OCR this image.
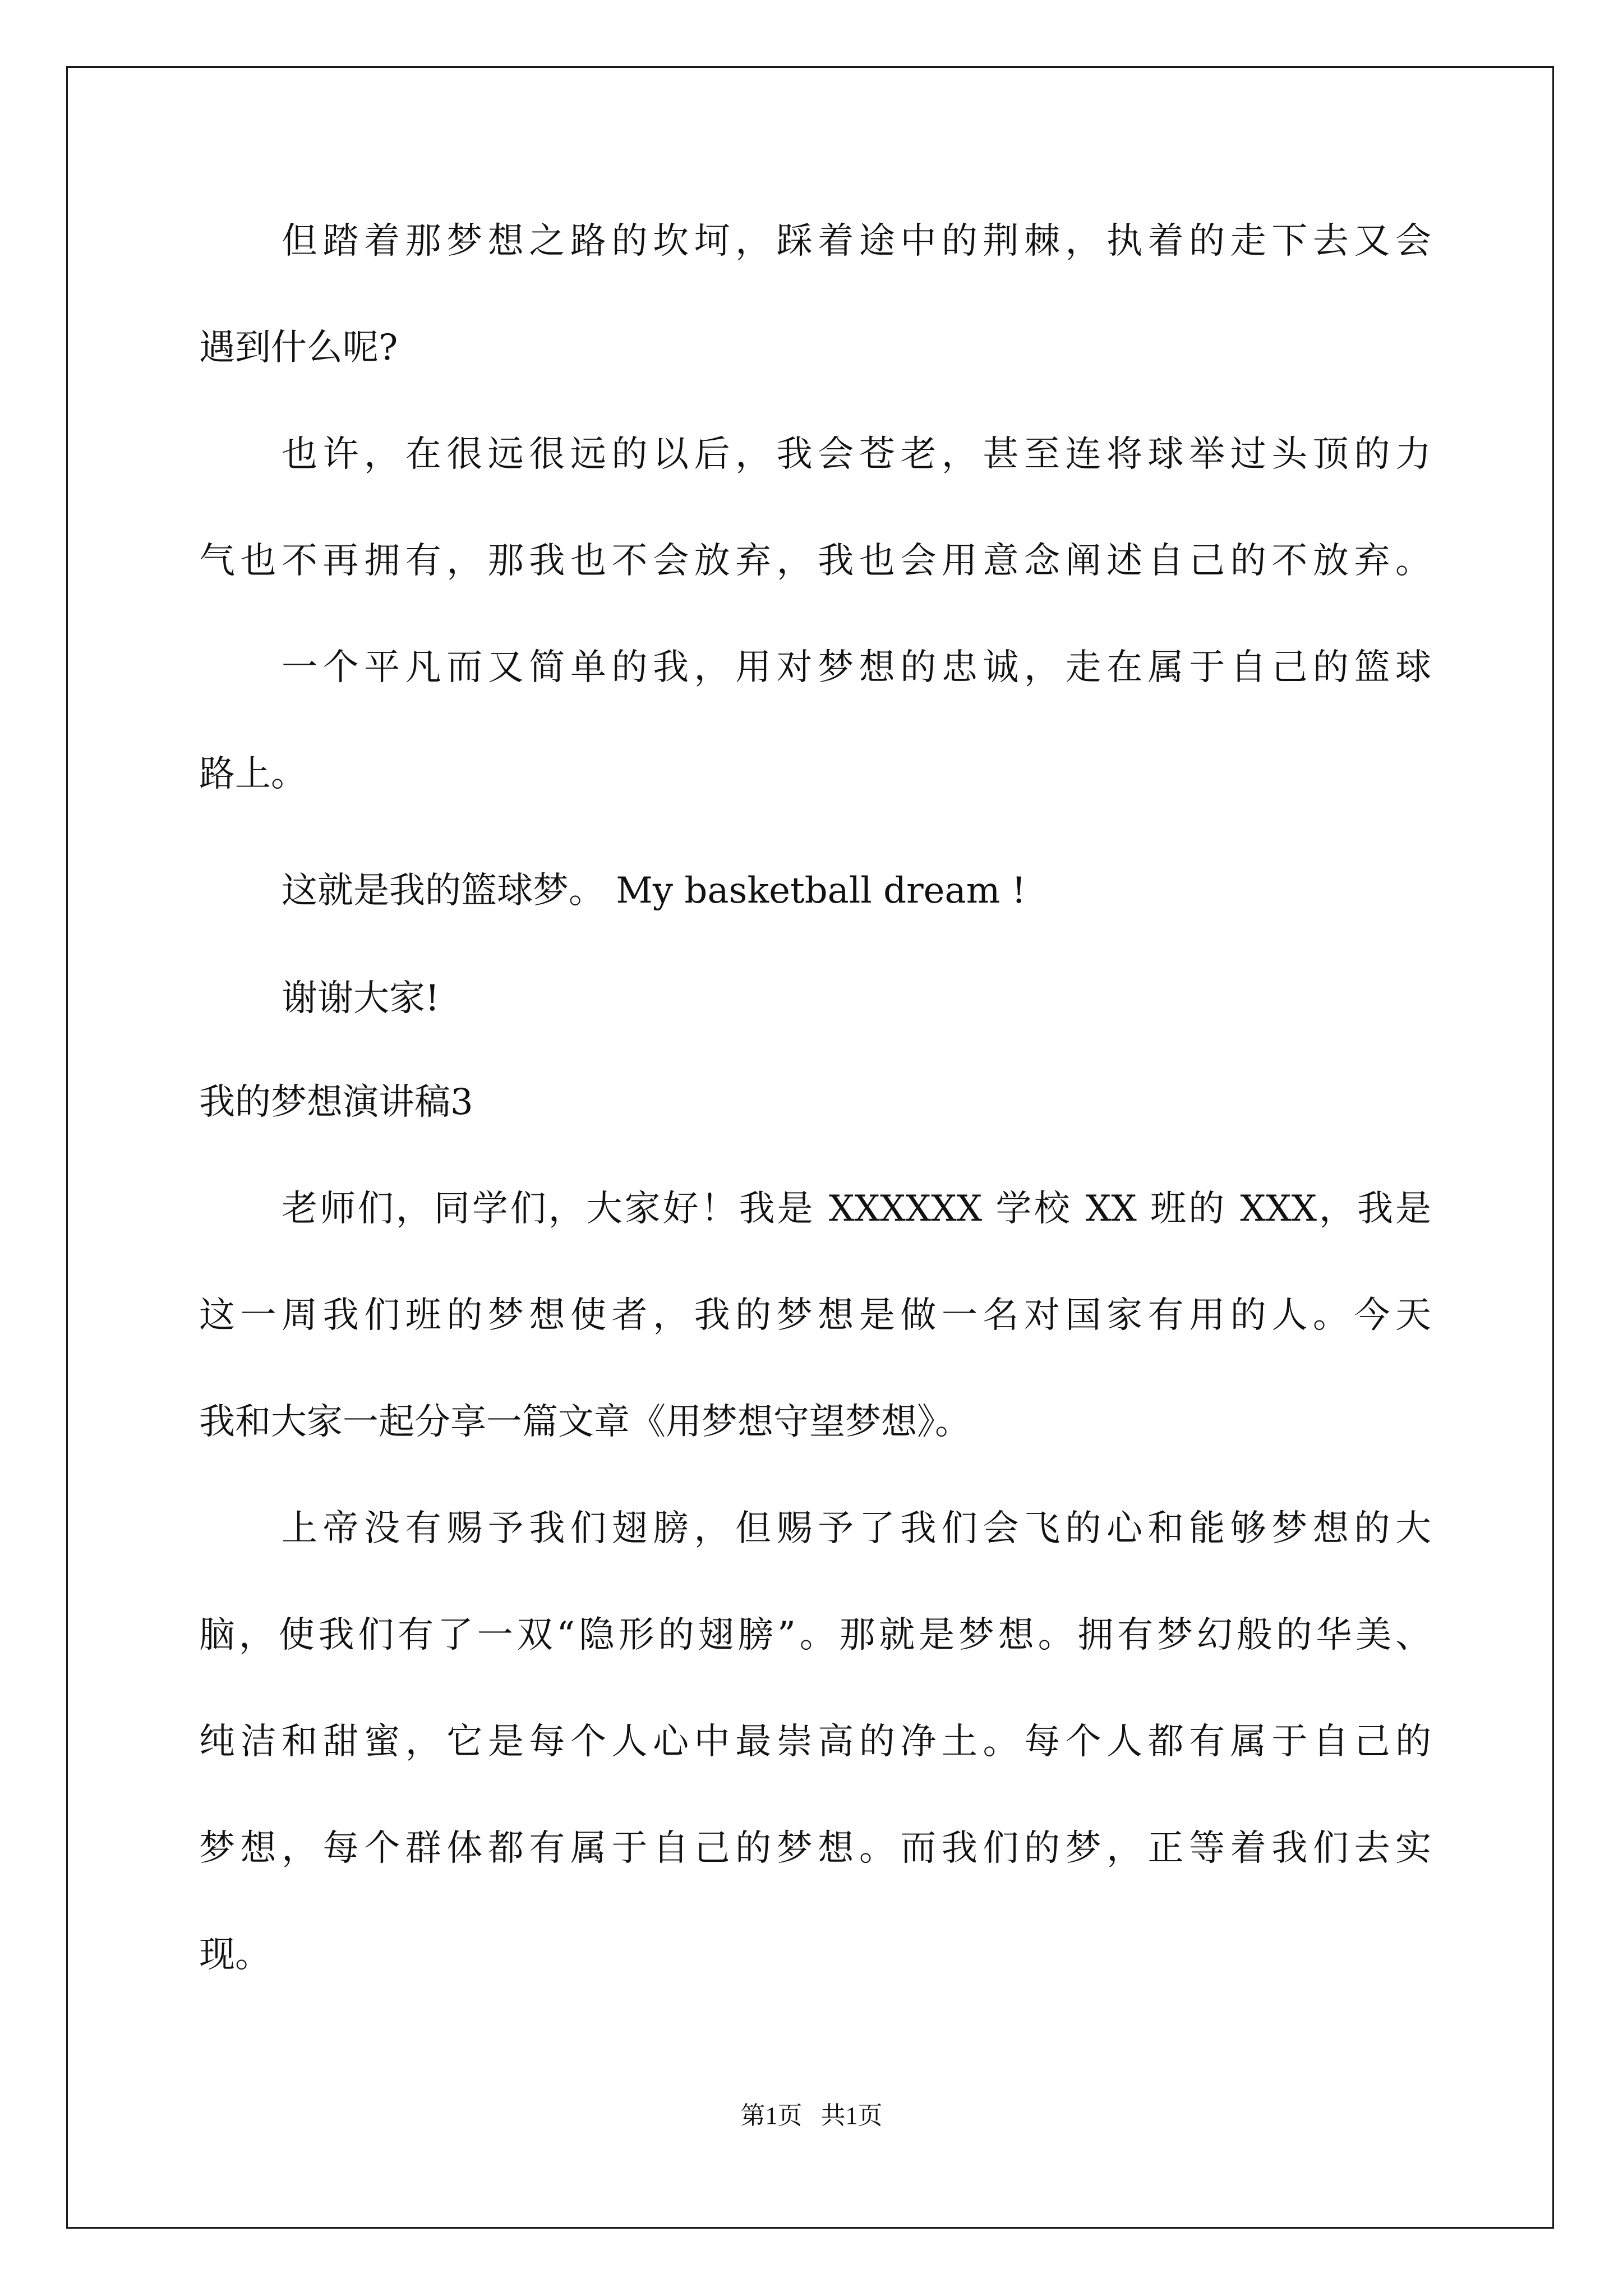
但踏着那梦想之路的坎坷，踩着途中的荆棘，执着的走下去又会

遇到什么呢?

也许，在很远很远的以后，我会苍老，甚至连将球举过头顶的力

气也不再拥有，那我也不会放弃，我也会用意念阐述自己的不放弃。

一个平凡而又简单的我，用对梦想的忠诚，走在属于自己的篮球

路上。

这就是我的篮球梦。 My basketball dream !

谢谢大家!

我的梦想演讲稿3

老师们，同学们，大家好！我是 XXXXXX 学校 XX 班的 XXX，我是

这一周我们班的梦想使者，我的梦想是做一名对国家有用的人。今天

我和大家一起分享一篇文章《用梦想守望梦想》。

上帝没有赐予我们翅膀，但赐予了我们会飞的心和能够梦想的大

脑，使我们有了一双“隐形的翅膀”。那就是梦想。拥有梦幻般的华美、

纯洁和甜蜜，它是每个人心中最崇高的净土。每个人都有属于自己的

梦想，每个群体都有属于自己的梦想。而我们的梦，正等着我们去实

现。

第1页   共1页
